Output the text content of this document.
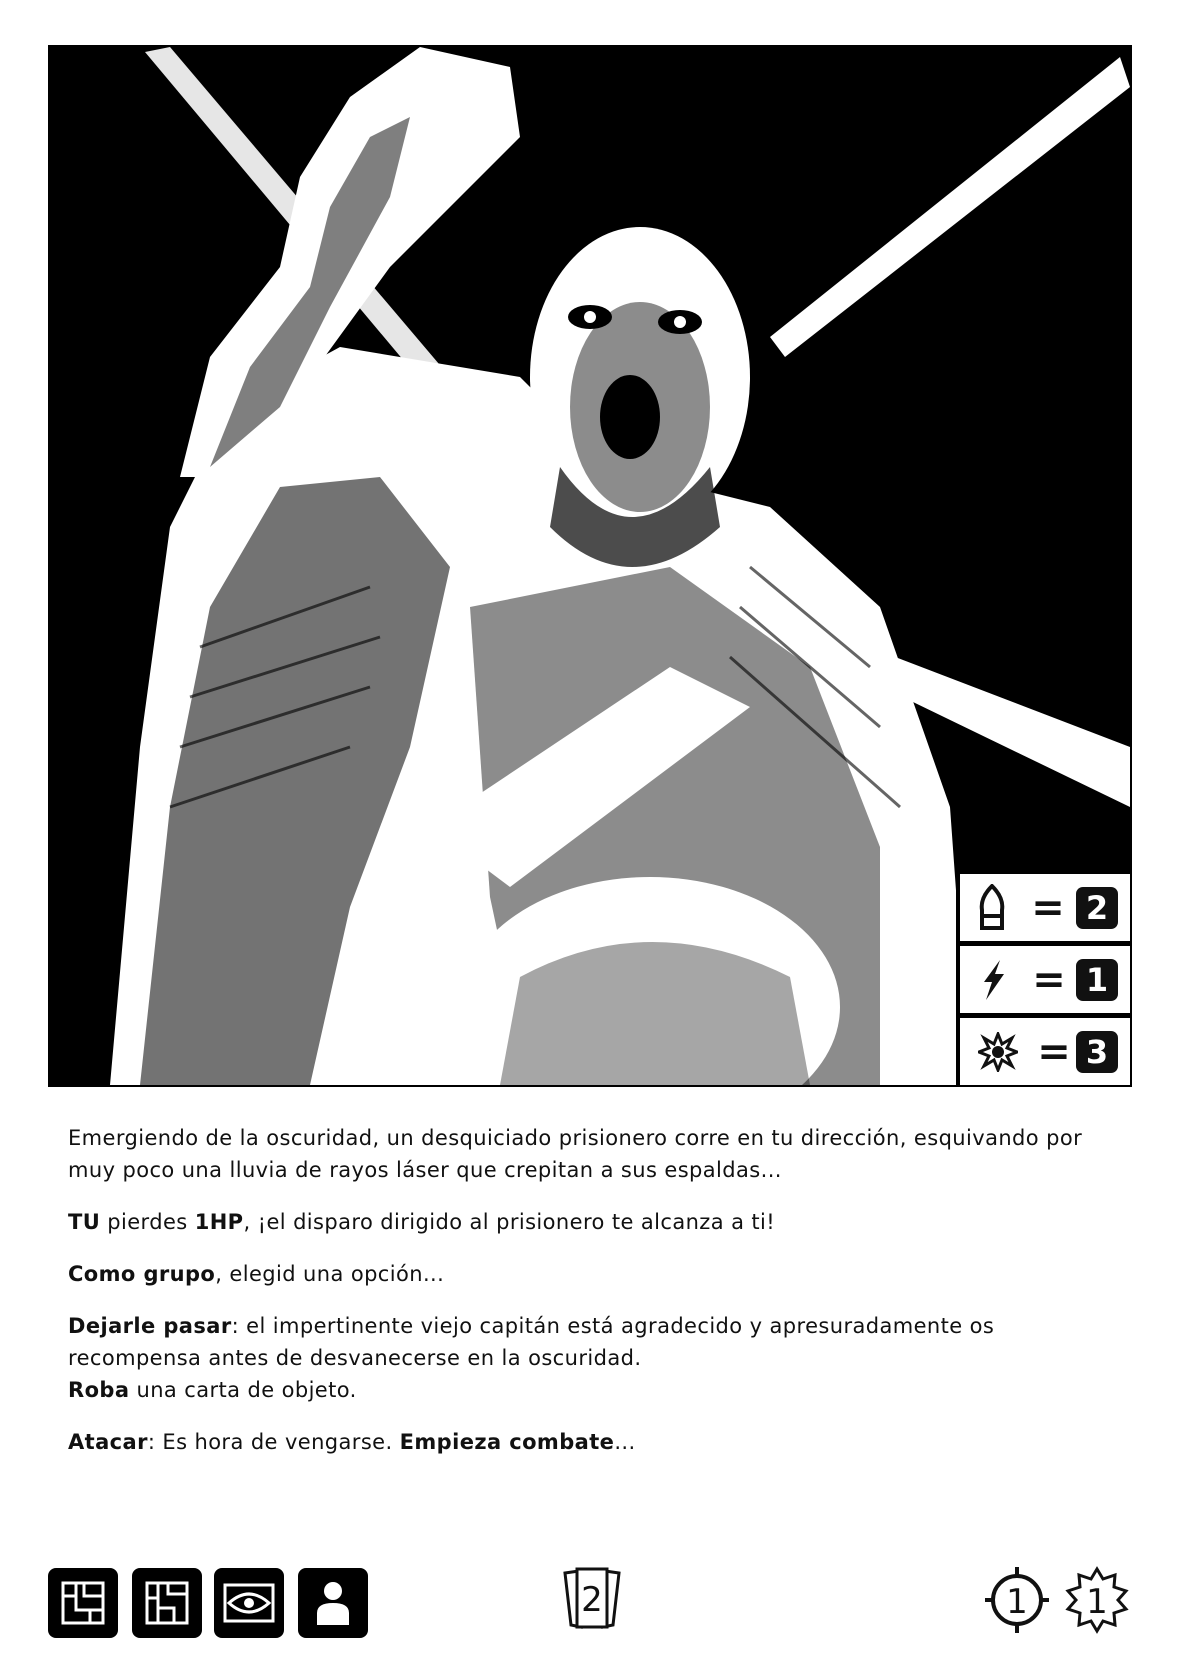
= 2
= 1
= 3

Emergiendo de la oscuridad, un desquiciado prisionero corre en tu dirección, esquivando por muy poco una lluvia de rayos láser que crepitan a sus espaldas...

TU pierdes 1HP, ¡el disparo dirigido al prisionero te alcanza a ti!

Como grupo, elegid una opción...

Dejarle pasar: el impertinente viejo capitán está agradecido y apresuradamente os recompensa antes de desvanecerse en la oscuridad.
Roba una carta de objeto.

Atacar: Es hora de vengarse. Empieza combate...

2	1 1
